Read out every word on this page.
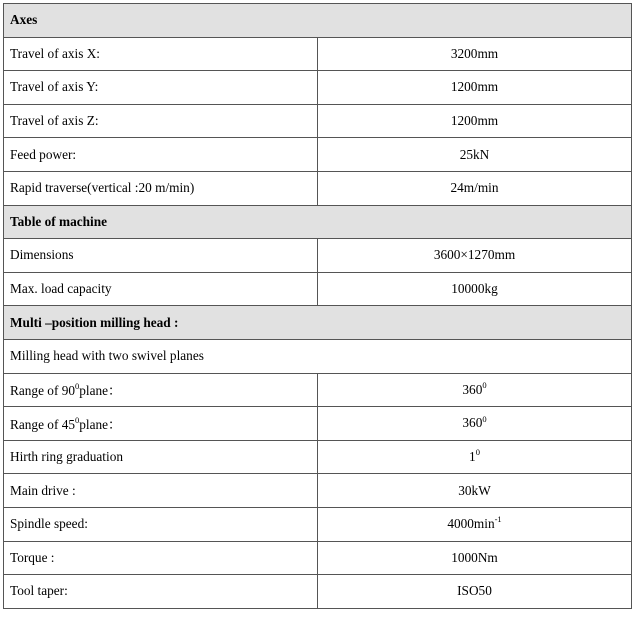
Axes	
Travel of axis X:	3200mm
Travel of axis Y:	1200mm
Travel of axis Z:	1200mm
Feed power:	25kN
Rapid traverse(vertical :20 m/min)	24m/min
Table of machine	
Dimensions	3600×1270mm
Max. load capacity	10000kg
Multi –position milling head :	
Milling head with two swivel planes	
Range of $90^0plane$：	$360^0$
Range of $45^0plane$：	$360^0$
Hirth ring graduation	$1^0$
Main drive :	30kW
Spindle speed:	$4000\min^{-1}$
Torque :	1000Nm
Tool taper:	ISO50
